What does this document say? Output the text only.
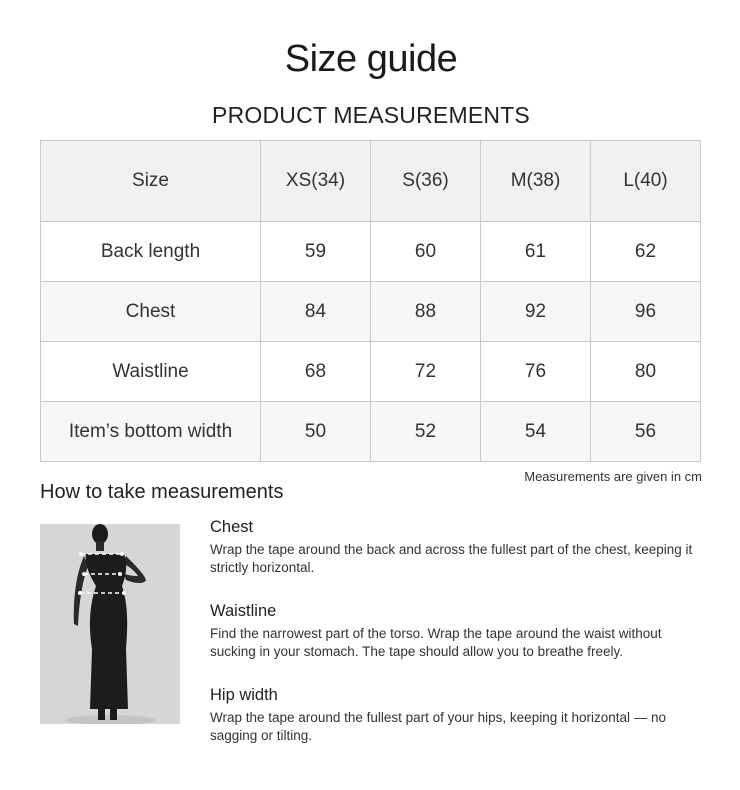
Size guide
PRODUCT MEASUREMENTS
Size	XS(34)	S(36)	M(38)	L(40)
Back length	59	60	61	62
Chest	84	88	92	96
Waistline	68	72	76	80
Item’s bottom width	50	52	54	56
Measurements are given in cm
How to take measurements
Chest

Wrap the tape around the back and across the fullest part of the chest, keeping it strictly horizontal.

Waistline

Find the narrowest part of the torso. Wrap the tape around the waist without sucking in your stomach. The tape should allow you to breathe freely.

Hip width

Wrap the tape around the fullest part of your hips, keeping it horizontal — no sagging or tilting.
